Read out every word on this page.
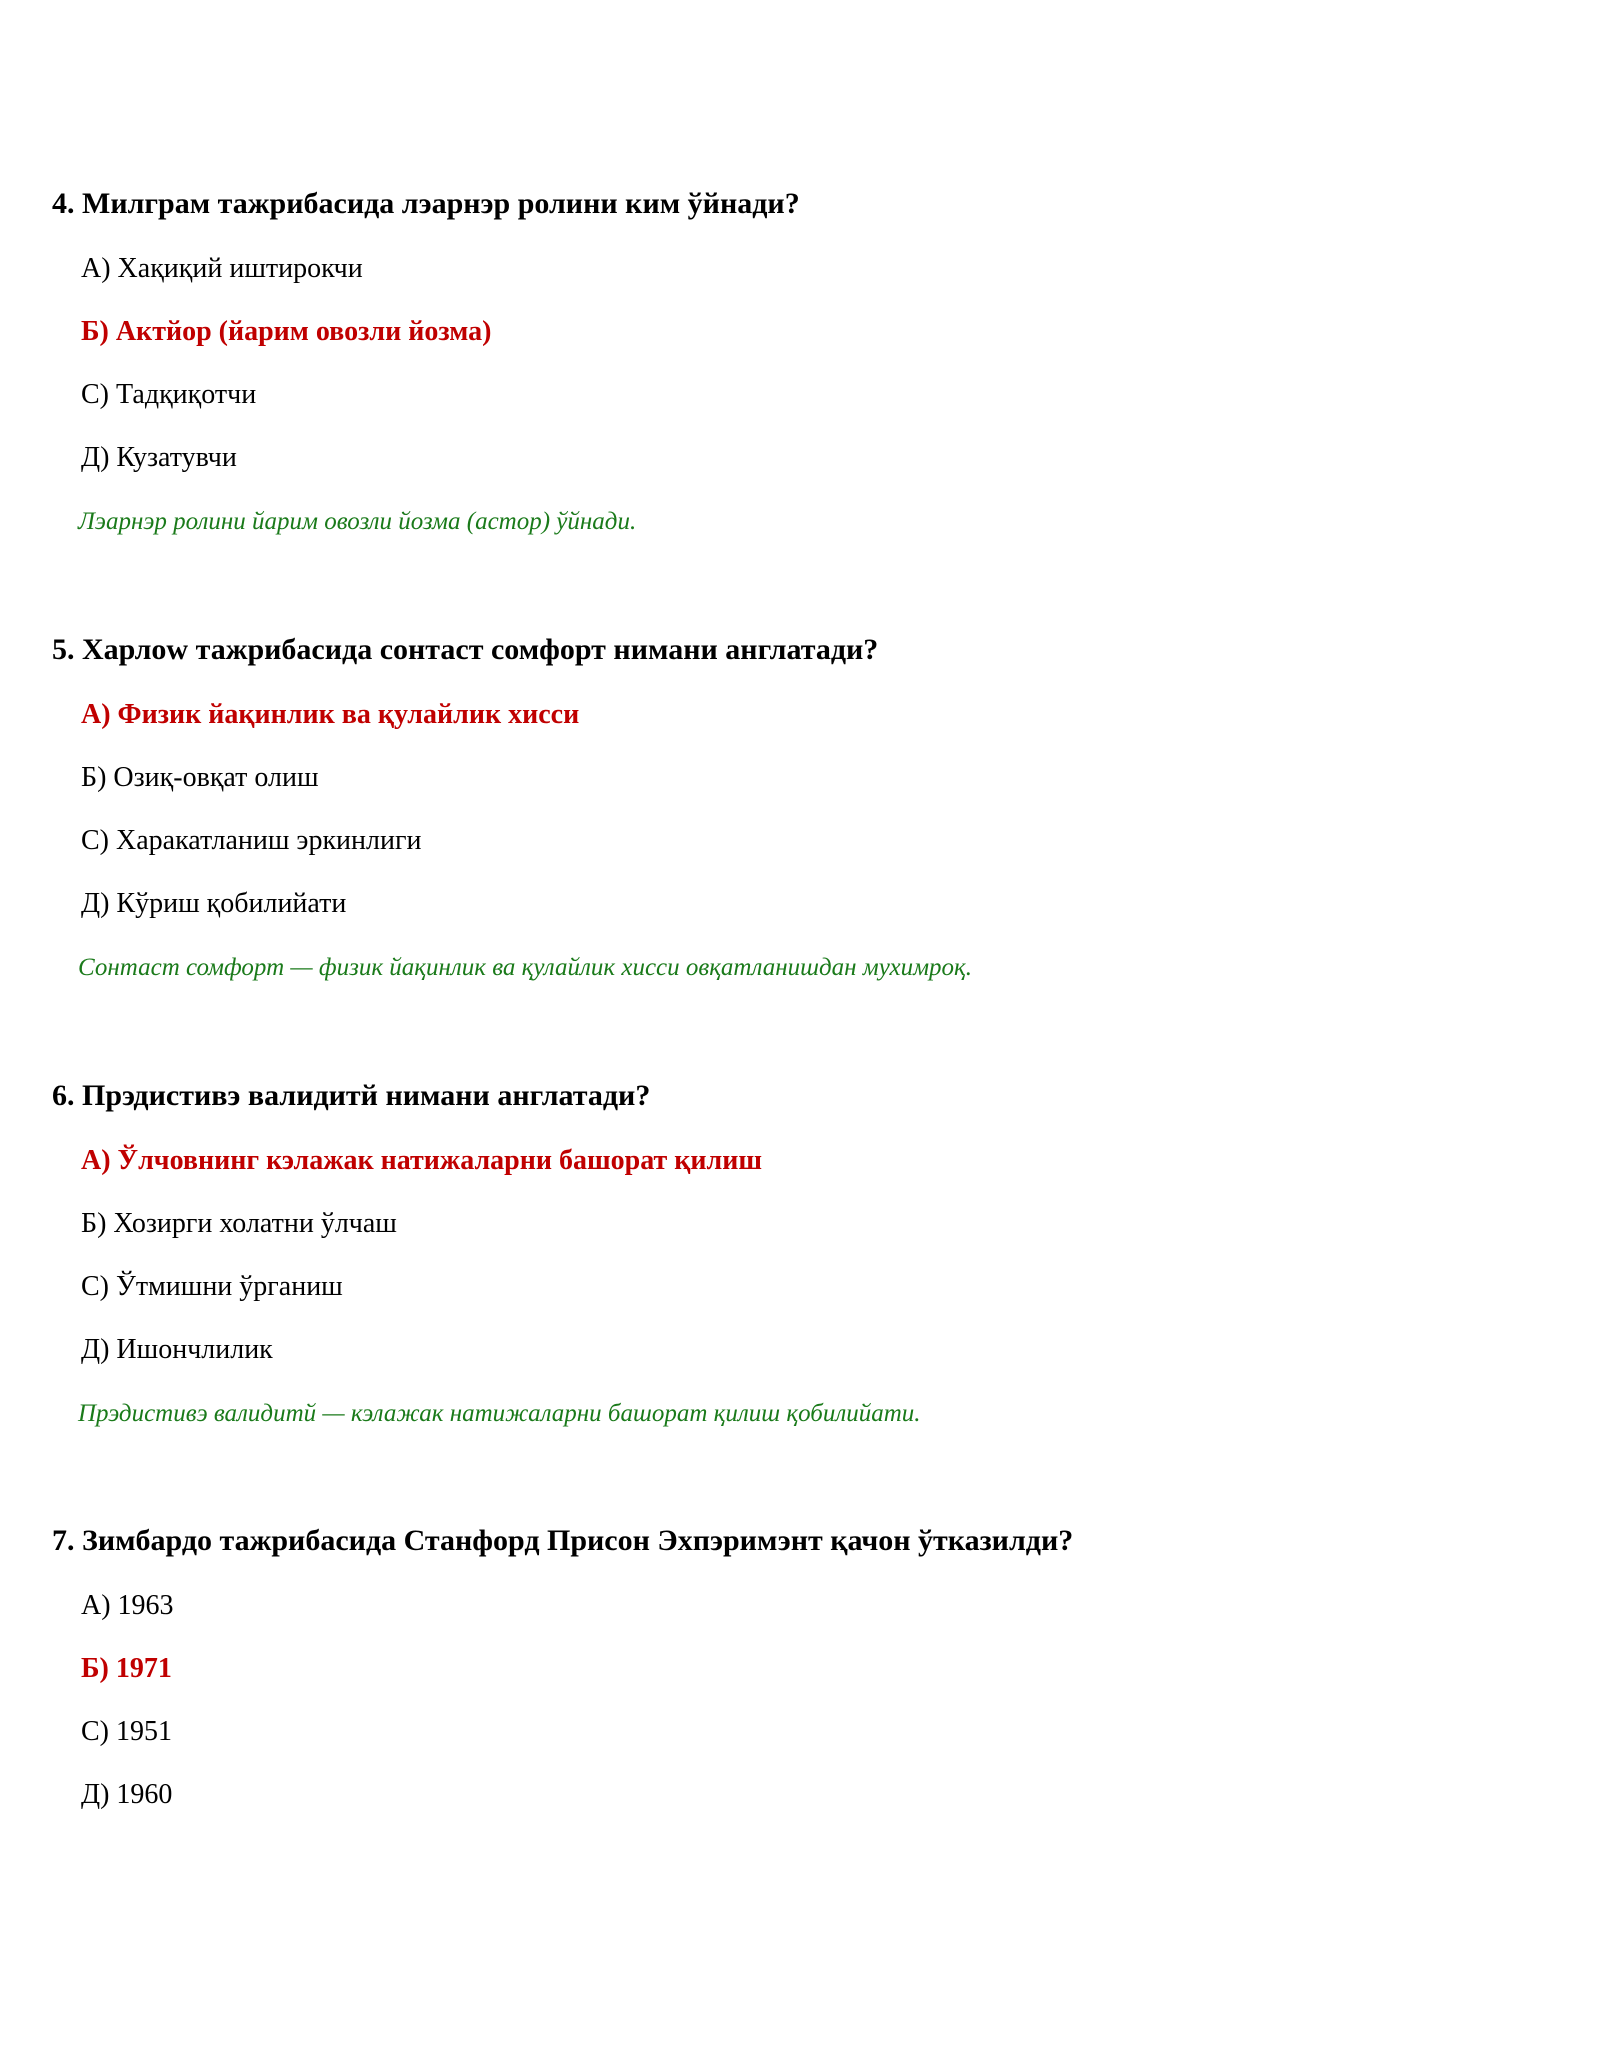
4. Милграм тажрибасида лэарнэр ролини ким ўйнади?

A) Хақиқий иштирокчи

Б) Актйор (йарим овозли йозма)

С) Тадқиқотчи

Д) Кузатувчи

Лэарнэр ролини йарим овозли йозма (астор) ўйнади.

5. Харлоw тажрибасида сонтаст сомфорт нимани англатади?

A) Физик йақинлик ва қулайлик хисси

Б) Озиқ-овқат олиш

С) Харакатланиш эркинлиги

Д) Кўриш қобилийати

Сонтаст сомфорт — физик йақинлик ва қулайлик хисси овқатланишдан мухимроқ.

6. Прэдистивэ валидитй нимани англатади?

A) Ўлчовнинг кэлажак натижаларни башорат қилиш

Б) Хозирги холатни ўлчаш

С) Ўтмишни ўрганиш

Д) Ишончлилик

Прэдистивэ валидитй — кэлажак натижаларни башорат қилиш қобилийати.

7. Зимбардо тажрибасида Станфорд Присон Эхпэримэнт қачон ўтказилди?

A) 1963

Б) 1971

С) 1951

Д) 1960
